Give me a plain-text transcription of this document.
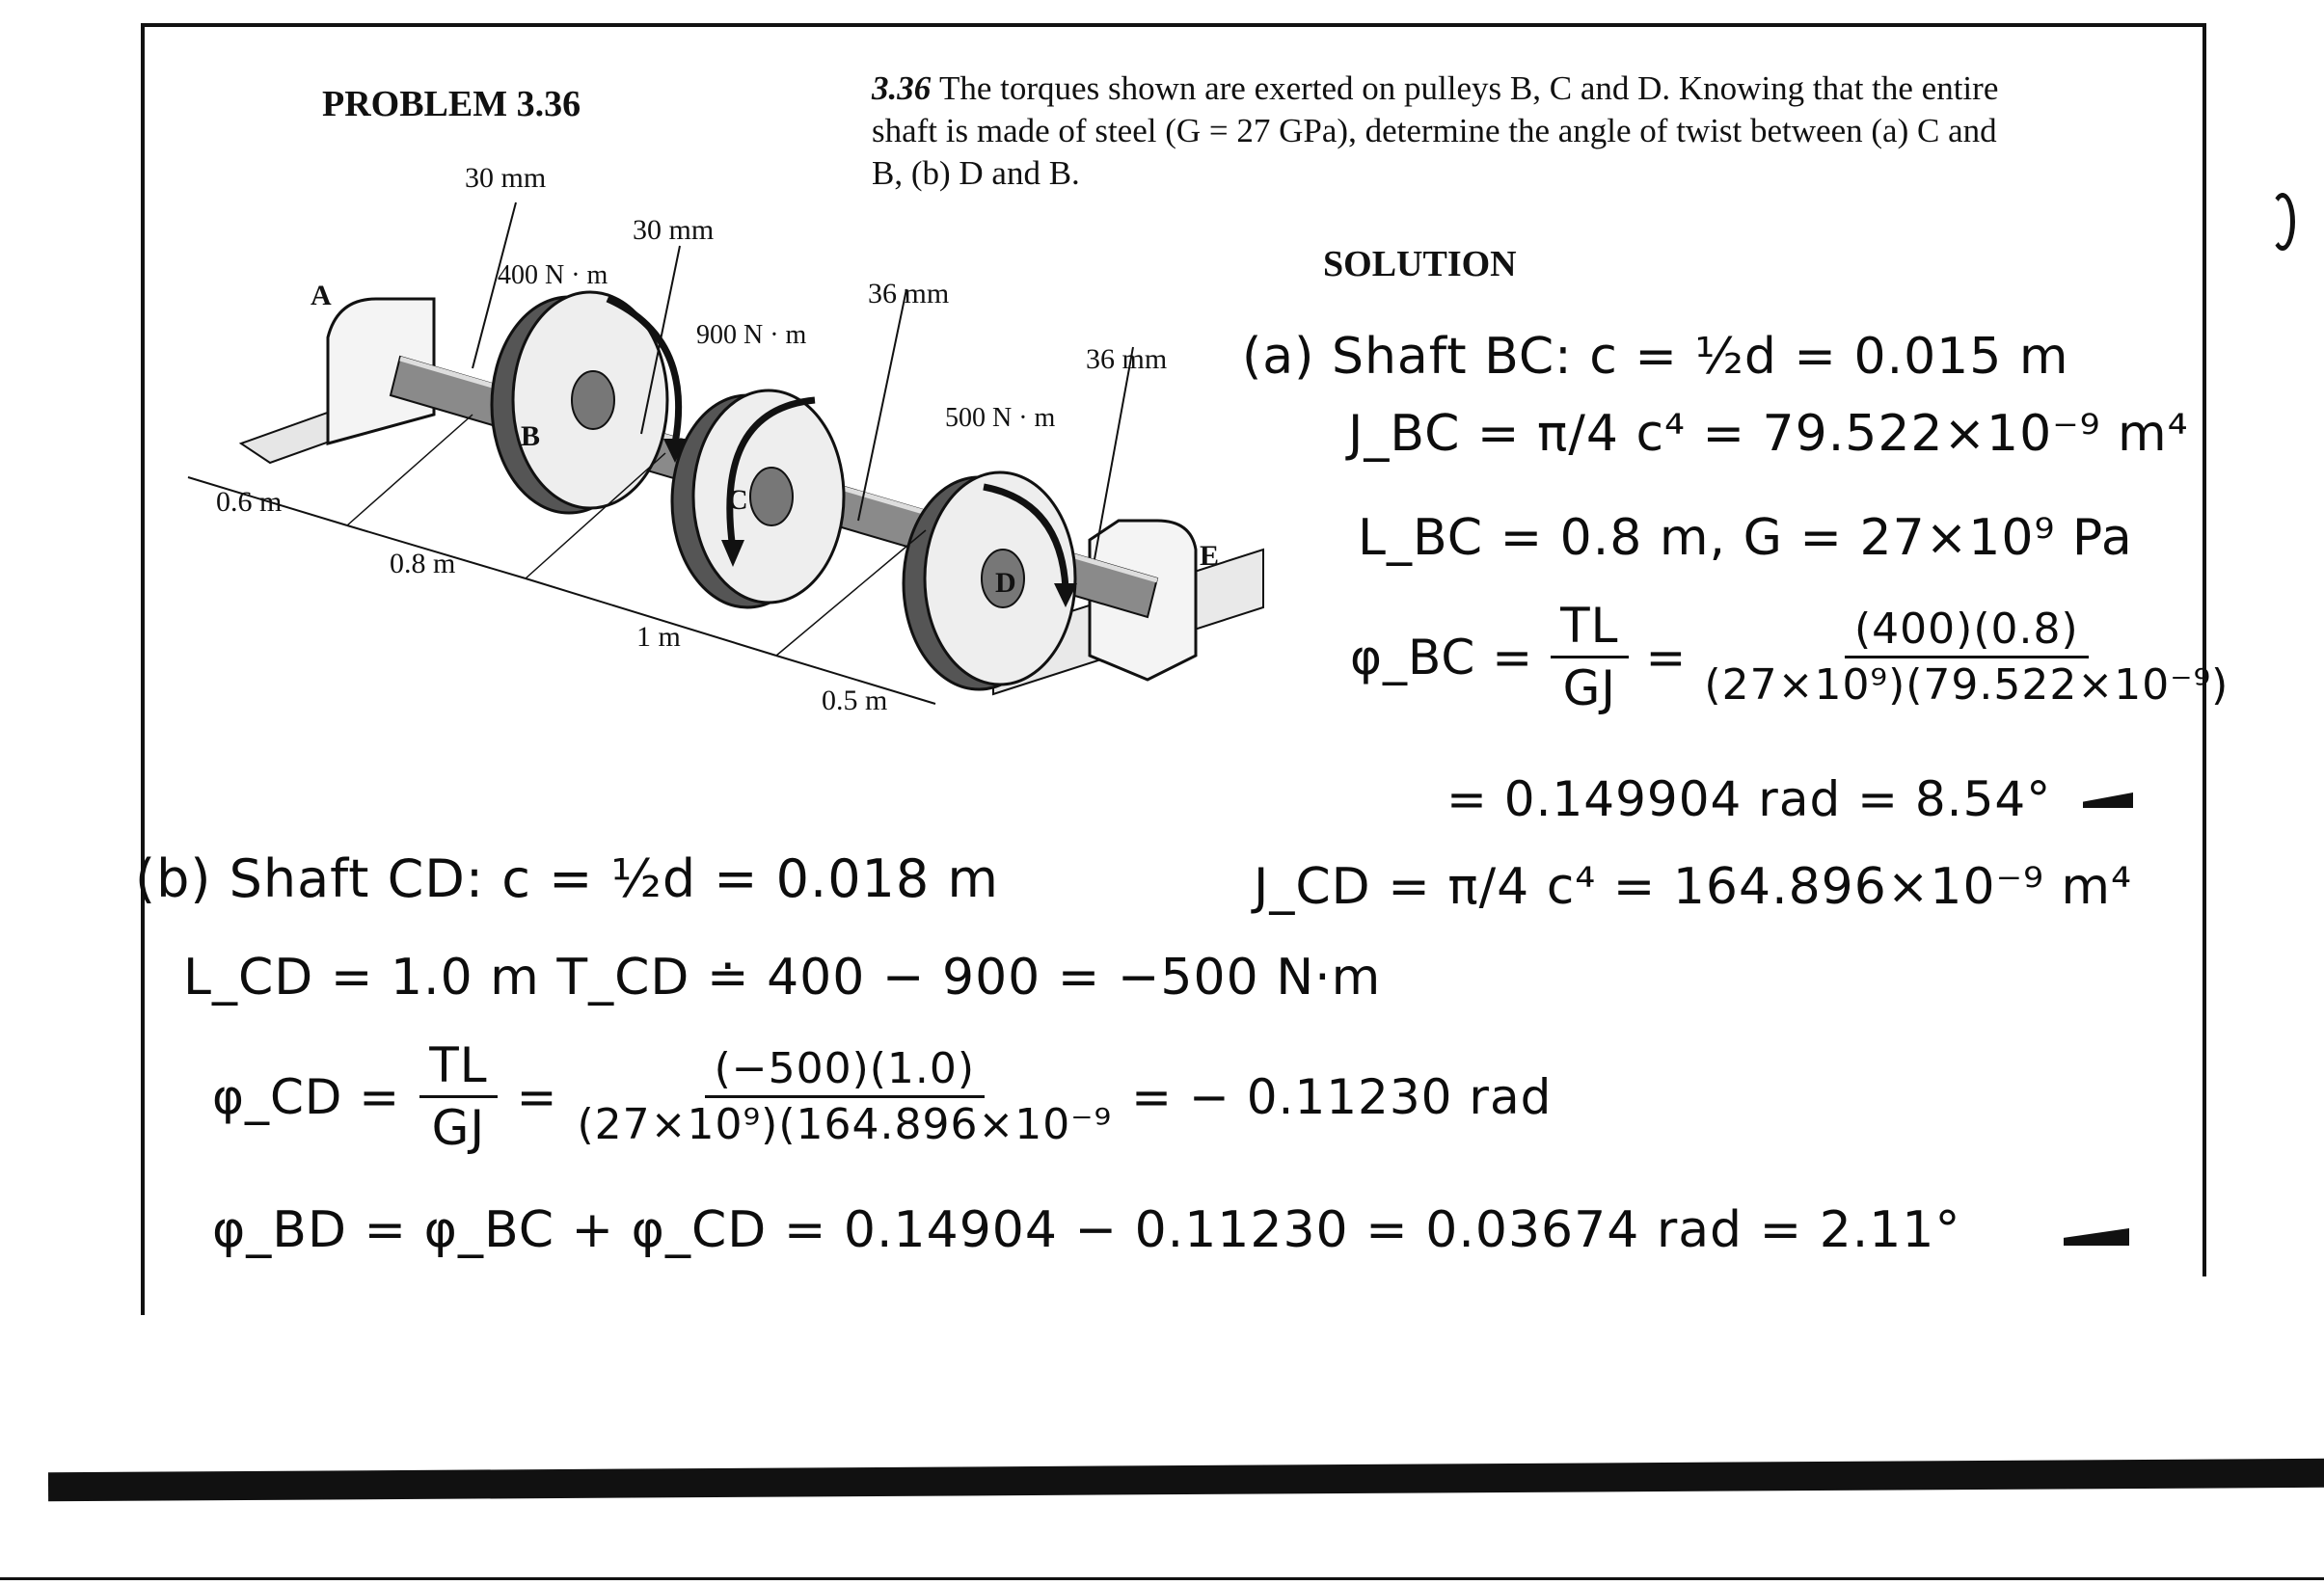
PROBLEM 3.36	3.36 The torques shown are exerted on pulleys B, C and D. Knowing that the entire
shaft is made of steel (G = 27 GPa), determine the angle of twist between (a) C and
B, (b) D and B.
SOLUTION
30 mm
30 mm
36 mm
36 mm
400 N · m
900 N · m
500 N · m
0.6 m
0.8 m
1 m
0.5 m
A
B
C
D
E
(a) Shaft BC: c = ½d = 0.015 m
J_BC = π/4 c⁴ = 79.522×10⁻⁹ m⁴
L_BC = 0.8 m, G = 27×10⁹ Pa
φ_BC = $\frac{TL}{GJ} = \frac{(400)(0.8)}{\text{(27×10⁹)(79.522×10⁻⁹)}}$
= 0.149904 rad = 8.54°
(b) Shaft CD: c = ½d = 0.018 m	J_CD = π/4 c⁴ = 164.896×10⁻⁹ m⁴
L_CD = 1.0 m T_CD ≐ 400 − 900 = −500 N·m
φ_CD = $\frac{TL}{GJ} = \frac{(-500)(1.0)}{\text{(27×10⁹)(164.896×10⁻⁹}}$ = − 0.11230 rad
φ_BD = φ_BC + φ_CD = 0.14904 − 0.11230 = 0.03674 rad = 2.11°
